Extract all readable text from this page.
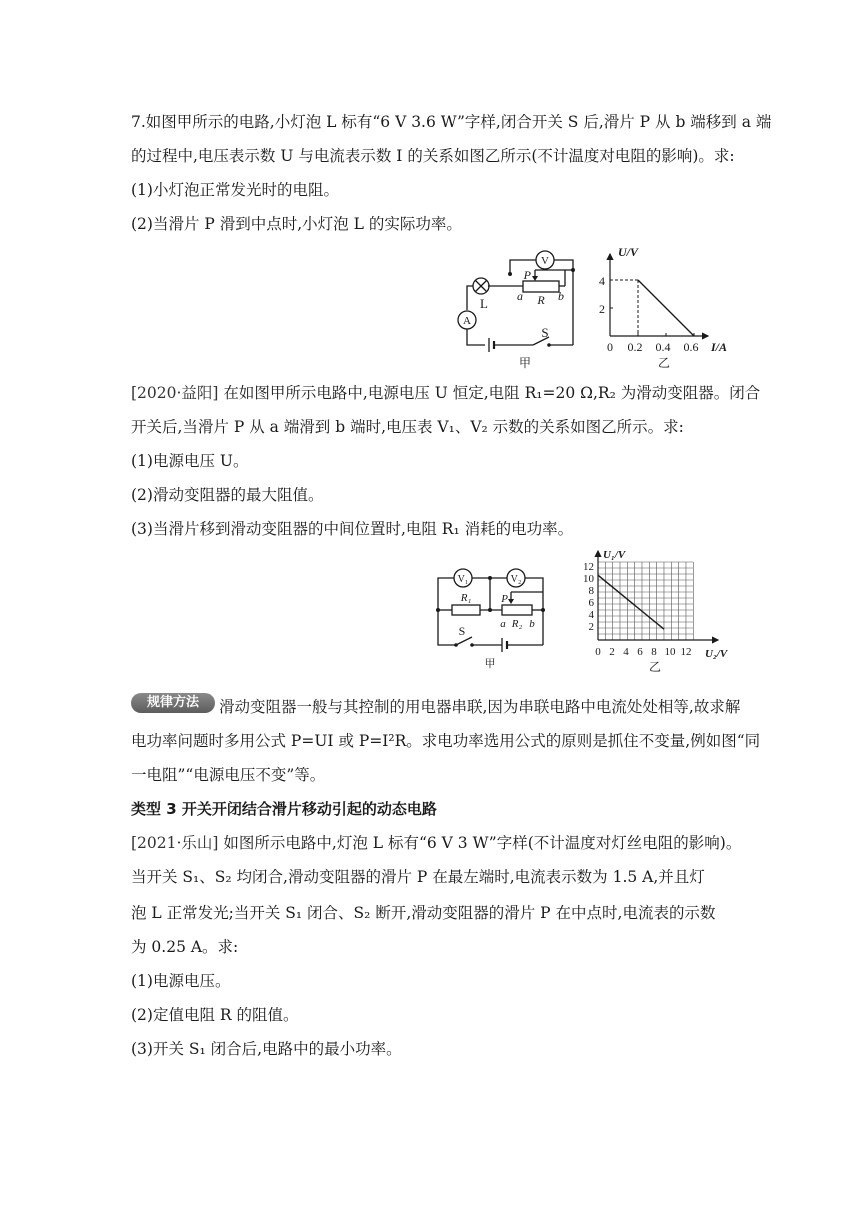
7.如图甲所示的电路,小灯泡 L 标有“6 V 3.6 W”字样,闭合开关 S 后,滑片 P 从 b 端移到 a 端
的过程中,电压表示数 U 与电流表示数 I 的关系如图乙所示(不计温度对电阻的影响)。求:
(1)小灯泡正常发光时的电阻。
(2)当滑片 P 滑到中点时,小灯泡 L 的实际功率。
V
L
A
P
a R b
S
甲
U/V
I/A
4
2
0 0.2 0.4 0.6
乙
[2020·益阳] 在如图甲所示电路中,电源电压 U 恒定,电阻 R₁=20 Ω,R₂ 为滑动变阻器。闭合
开关后,当滑片 P 从 a 端滑到 b 端时,电压表 V₁、V₂ 示数的关系如图乙所示。求:
(1)电源电压 U。
(2)滑动变阻器的最大阻值。
(3)当滑片移到滑动变阻器的中间位置时,电阻 R₁ 消耗的电功率。
V₁	V₂
R₁	P
a R₂ b
S
甲
U₁/V
U₂/V
12
10
8
6
4
2
0 2 4 6 8 10 12
乙
规律方法	滑动变阻器一般与其控制的用电器串联,因为串联电路中电流处处相等,故求解
电功率问题时多用公式 P=UI 或 P=I²R。求电功率选用公式的原则是抓住不变量,例如图“同
一电阻”“电源电压不变”等。
类型 3 开关开闭结合滑片移动引起的动态电路
[2021·乐山] 如图所示电路中,灯泡 L 标有“6 V 3 W”字样(不计温度对灯丝电阻的影响)。
当开关 S₁、S₂ 均闭合,滑动变阻器的滑片 P 在最左端时,电流表示数为 1.5 A,并且灯
泡 L 正常发光;当开关 S₁ 闭合、S₂ 断开,滑动变阻器的滑片 P 在中点时,电流表的示数
为 0.25 A。求:
(1)电源电压。
(2)定值电阻 R 的阻值。
(3)开关 S₁ 闭合后,电路中的最小功率。
